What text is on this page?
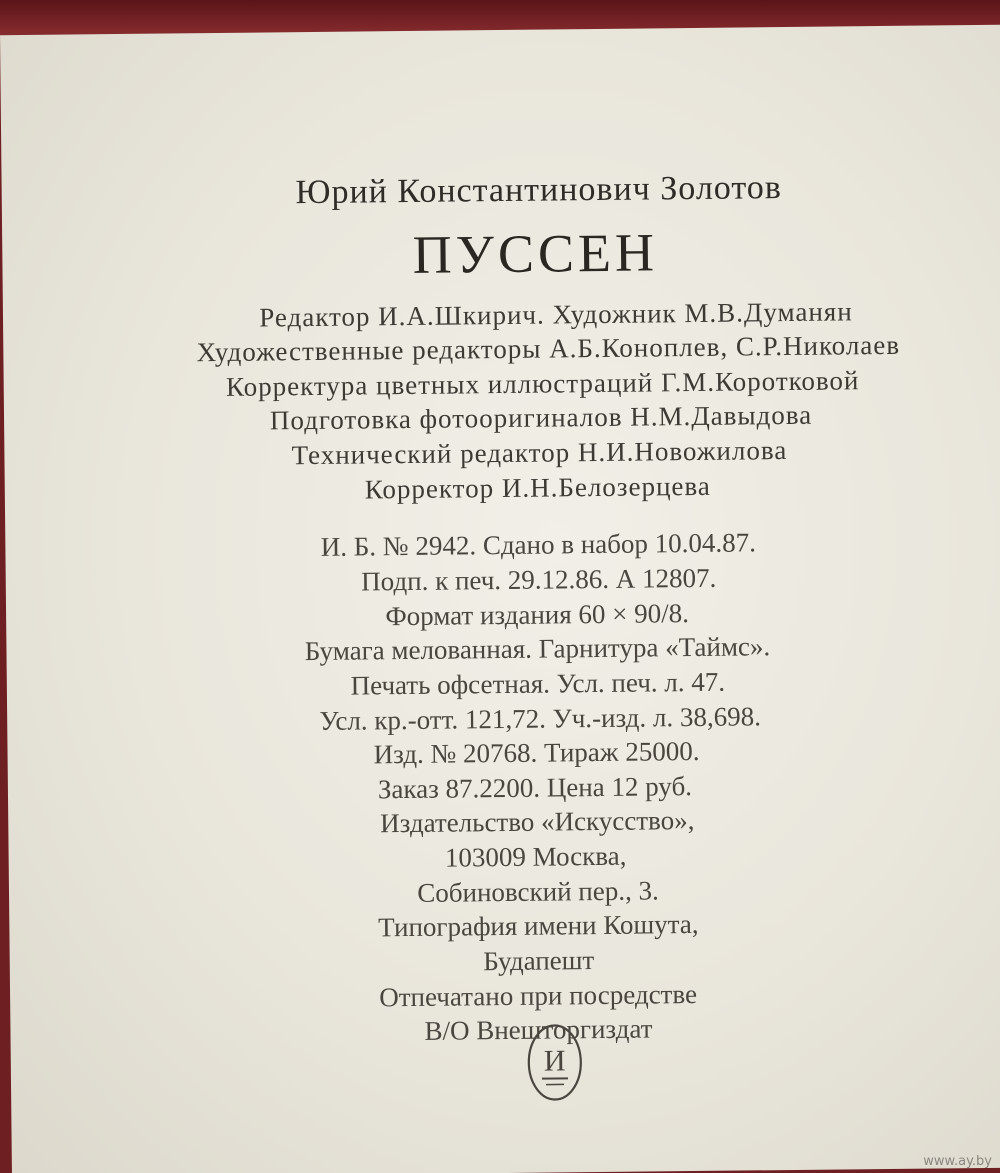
Юрий Константинович Золотов
ПУССЕН
Редактор И.А.Шкирич. Художник М.В.Думанян
Художественные редакторы А.Б.Коноплев, С.Р.Николаев
Корректура цветных иллюстраций Г.М.Коротковой
Подготовка фотооригиналов Н.М.Давыдова
Технический редактор Н.И.Новожилова
Корректор И.Н.Белозерцева
И. Б. № 2942. Сдано в набор 10.04.87.
Подп. к печ. 29.12.86. А 12807.
Формат издания 60 × 90/8.
Бумага мелованная. Гарнитура «Таймс».
Печать офсетная. Усл. печ. л. 47.
Усл. кр.-отт. 121,72. Уч.-изд. л. 38,698.
Изд. № 20768. Тираж 25000.
Заказ 87.2200. Цена 12 руб.
Издательство «Искусство»,
103009 Москва,
Собиновский пер., 3.
Типография имени Кошута,
Будапешт
Отпечатано при посредстве
В/О Внешторгиздат
И
www.ay.by
